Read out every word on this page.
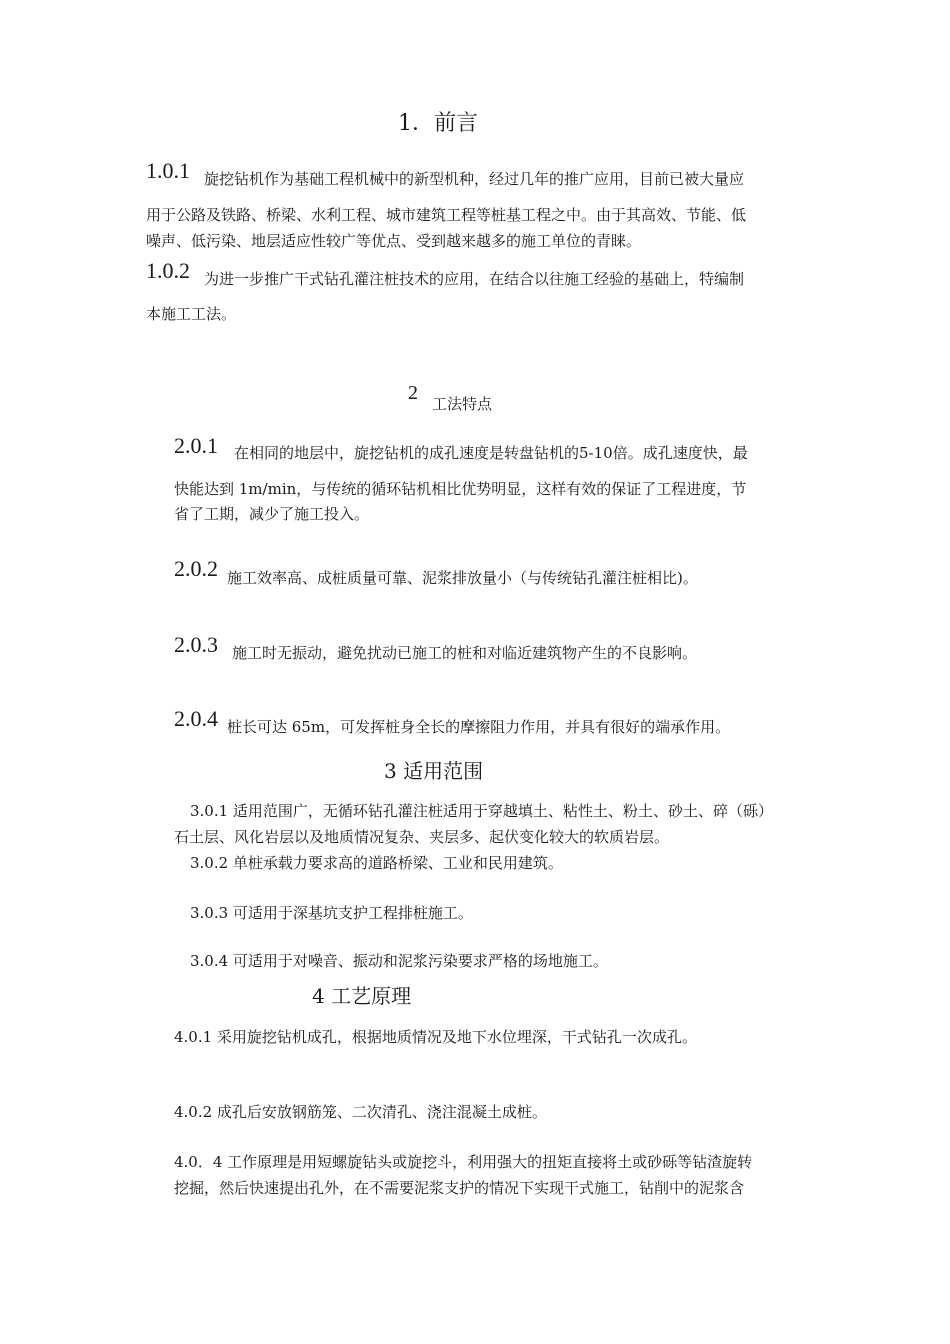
1．前言
1.0.1 旋挖钻机作为基础工程机械中的新型机种，经过几年的推广应用，目前已被大量应
用于公路及铁路、桥梁、水利工程、城市建筑工程等桩基工程之中。由于其高效、节能、低
噪声、低污染、地层适应性较广等优点、受到越来越多的施工单位的青睐。
1.0.2 为进一步推广干式钻孔灌注桩技术的应用，在结合以往施工经验的基础上，特编制
本施工工法。
2 工法特点
2.0.1 在相同的地层中，旋挖钻机的成孔速度是转盘钻机的5-10倍。成孔速度快，最
快能达到 1m/min，与传统的循环钻机相比优势明显，这样有效的保证了工程进度，节
省了工期，减少了施工投入。
2.0.2 施工效率高、成桩质量可靠、泥浆排放量小（与传统钻孔灌注桩相比)。
2.0.3 施工时无振动，避免扰动已施工的桩和对临近建筑物产生的不良影响。
2.0.4 桩长可达 65m，可发挥桩身全长的摩擦阻力作用，并具有很好的端承作用。
3 适用范围
3.0.1 适用范围广，无循环钻孔灌注桩适用于穿越填土、粘性土、粉土、砂土、碎（砾）
石土层、风化岩层以及地质情况复杂、夹层多、起伏变化较大的软质岩层。
3.0.2 单桩承载力要求高的道路桥梁、工业和民用建筑。
3.0.3 可适用于深基坑支护工程排桩施工。
3.0.4 可适用于对噪音、振动和泥浆污染要求严格的场地施工。
4 工艺原理
4.0.1 采用旋挖钻机成孔，根据地质情况及地下水位埋深，干式钻孔一次成孔。
4.0.2 成孔后安放钢筋笼、二次清孔、浇注混凝土成桩。
4.0．4 工作原理是用短螺旋钻头或旋挖斗，利用强大的扭矩直接将土或砂砾等钻渣旋转
挖掘，然后快速提出孔外，在不需要泥浆支护的情况下实现干式施工，钻削中的泥浆含
